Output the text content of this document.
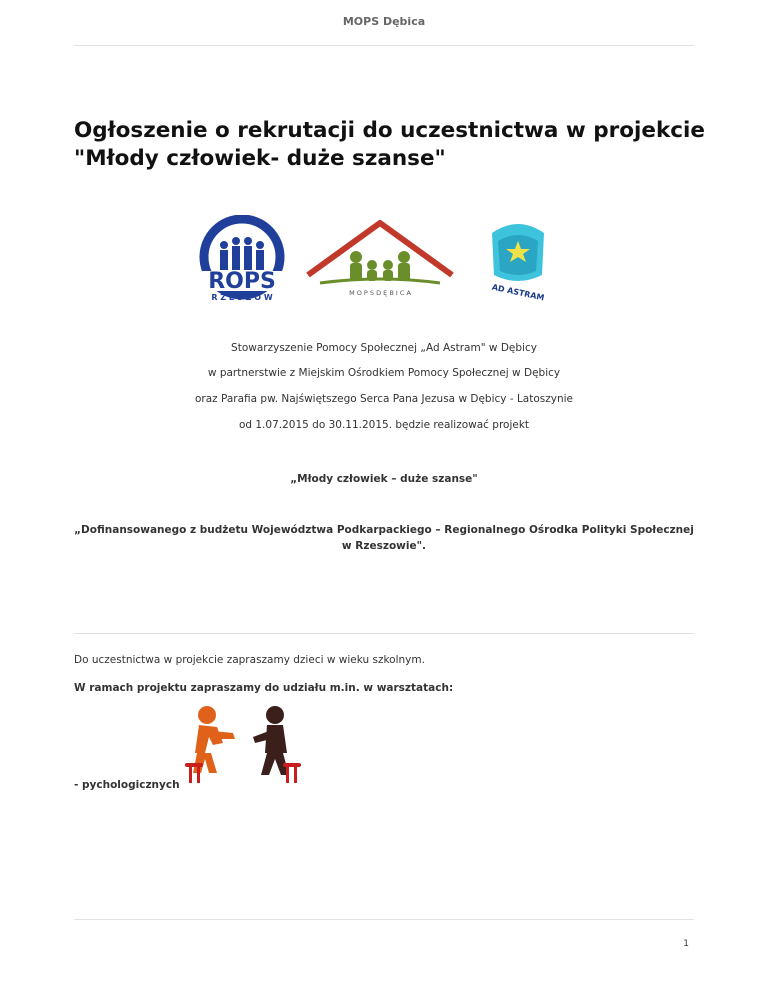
MOPS Dębica
Ogłoszenie o rekrutacji do uczestnictwa w projekcie "Młody człowiek- duże szanse"
ROPS
R Z E S Z Ó W	M O P S D Ę B I C A	AD ASTRAM
Stowarzyszenie Pomocy Społecznej „Ad Astram" w Dębicy
w partnerstwie z Miejskim Ośrodkiem Pomocy Społecznej w Dębicy
oraz Parafia pw. Najświętszego Serca Pana Jezusa w Dębicy - Latoszynie
od 1.07.2015 do 30.11.2015. będzie realizować projekt
„Młody człowiek – duże szanse"
„Dofinansowanego z budżetu Województwa Podkarpackiego – Regionalnego Ośrodka Polityki Społecznej
w Rzeszowie".
Do uczestnictwa w projekcie zapraszamy dzieci w wieku szkolnym.
W ramach projektu zapraszamy do udziału m.in. w warsztatach:
- pychologicznych
1
